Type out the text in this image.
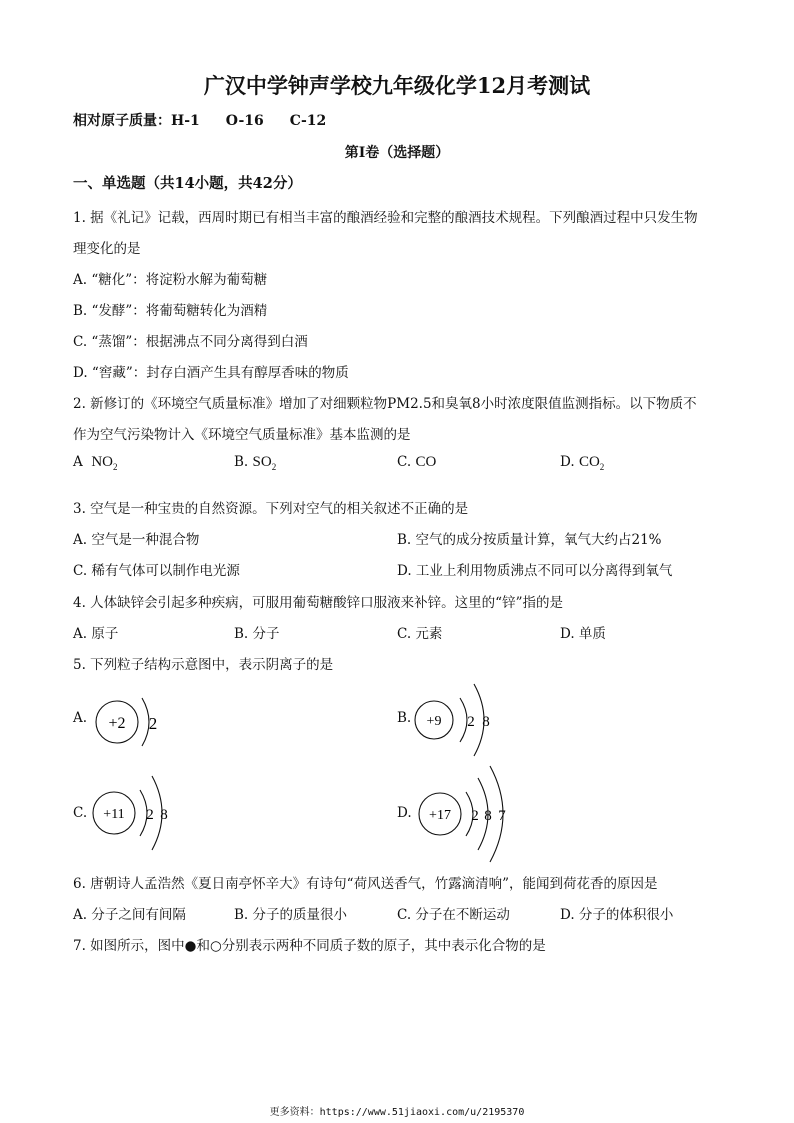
广汉中学钟声学校九年级化学12月考测试
相对原子质量：H-1 O-16 C-12
第Ⅰ卷（选择题）
一、单选题（共14小题，共42分）
1. 据《礼记》记载，西周时期已有相当丰富的酿酒经验和完整的酿酒技术规程。下列酿酒过程中只发生物
理变化的是
A. “糖化”：将淀粉水解为葡萄糖
B. “发酵”：将葡萄糖转化为酒精
C. “蒸馏”：根据沸点不同分离得到白酒
D. “窖藏”：封存白酒产生具有醇厚香味的物质
2. 新修订的《环境空气质量标准》增加了对细颗粒物PM2.5和臭氧8小时浓度限值监测指标。以下物质不
作为空气污染物计入《环境空气质量标准》基本监测的是
A $NO_2$	B. $SO_2$	C. CO	D. $CO_2$
3. 空气是一种宝贵的自然资源。下列对空气的相关叙述不正确的是
A. 空气是一种混合物	B. 空气的成分按质量计算，氧气大约占21%
C. 稀有气体可以制作电光源	D. 工业上利用物质沸点不同可以分离得到氧气
4. 人体缺锌会引起多种疾病，可服用葡萄糖酸锌口服液来补锌。这里的“锌”指的是
A. 原子	B. 分子	C. 元素	D. 单质
5. 下列粒子结构示意图中，表示阴离子的是
A. +2 2	B. +9 2 8
C. +11 2 8	D. +17 2 8 7
6. 唐朝诗人孟浩然《夏日南亭怀辛大》有诗句“荷风送香气，竹露滴清响”，能闻到荷花香的原因是
A. 分子之间有间隔	B. 分子的质量很小	C. 分子在不断运动	D. 分子的体积很小
7. 如图所示，图中●和○分别表示两种不同质子数的原子，其中表示化合物的是
更多资料：https://www.51jiaoxi.com/u/2195370
